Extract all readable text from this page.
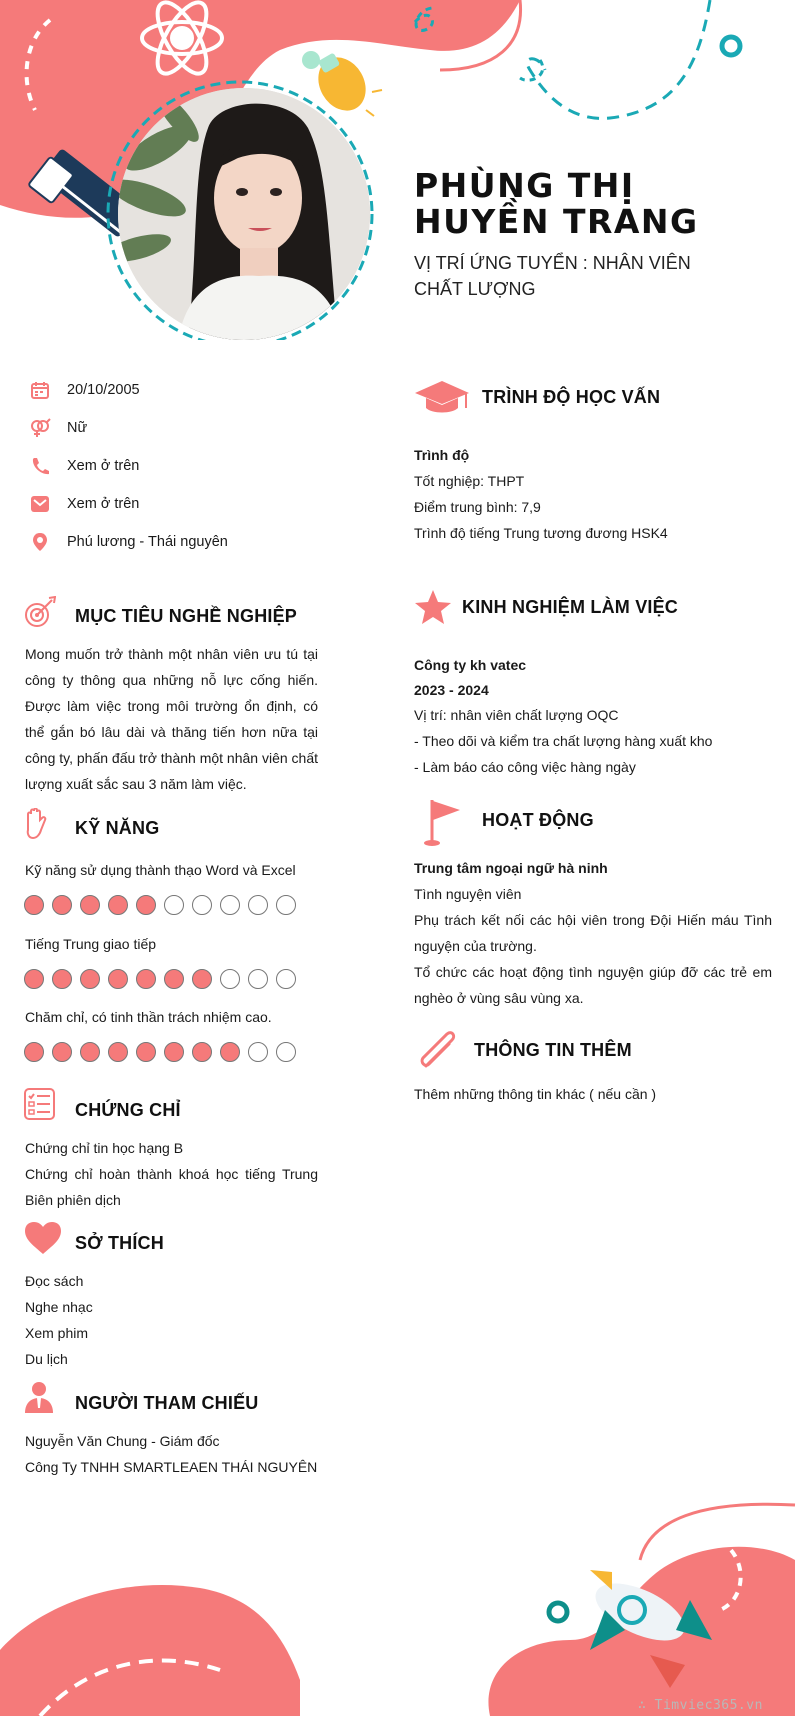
PHÙNG THỊ HUYỀN TRANG
VỊ TRÍ ỨNG TUYỂN : NHÂN VIÊN CHẤT LƯỢNG
20/10/2005
Nữ
Xem ở trên
Xem ở trên
Phú lương - Thái nguyên
MỤC TIÊU NGHỀ NGHIỆP
Mong muốn trở thành một nhân viên ưu tú tại công ty thông qua những nỗ lực cống hiến. Được làm việc trong môi trường ổn định, có thể gắn bó lâu dài và thăng tiến hơn nữa tại công ty, phấn đấu trở thành một nhân viên chất lượng xuất sắc sau 3 năm làm việc.
KỸ NĂNG
Kỹ năng sử dụng thành thạo Word và Excel
Tiếng Trung giao tiếp
Chăm chỉ, có tinh thần trách nhiệm cao.
CHỨNG CHỈ
Chứng chỉ tin học hạng B
Chứng chỉ hoàn thành khoá học tiếng Trung Biên phiên dịch
SỞ THÍCH
Đọc sách
Nghe nhạc
Xem phim
Du lịch
NGƯỜI THAM CHIẾU
Nguyễn Văn Chung - Giám đốc
Công Ty TNHH SMARTLEAEN THÁI NGUYÊN
TRÌNH ĐỘ HỌC VẤN
Trình độ
Tốt nghiệp: THPT
Điểm trung bình: 7,9
Trình độ tiếng Trung tương đương HSK4
KINH NGHIỆM LÀM VIỆC
Công ty kh vatec
2023 - 2024
Vị trí: nhân viên chất lượng OQC
- Theo dõi và kiểm tra chất lượng hàng xuất kho
- Làm báo cáo công việc hàng ngày
HOẠT ĐỘNG
Trung tâm ngoại ngữ hà ninh
Tình nguyện viên
Phụ trách kết nối các hội viên trong Đội Hiến máu Tình nguyện của trường.
Tổ chức các hoạt động tình nguyện giúp đỡ các trẻ em nghèo ở vùng sâu vùng xa.
THÔNG TIN THÊM
Thêm những thông tin khác ( nếu cần )
∴ Timviec365.vn
